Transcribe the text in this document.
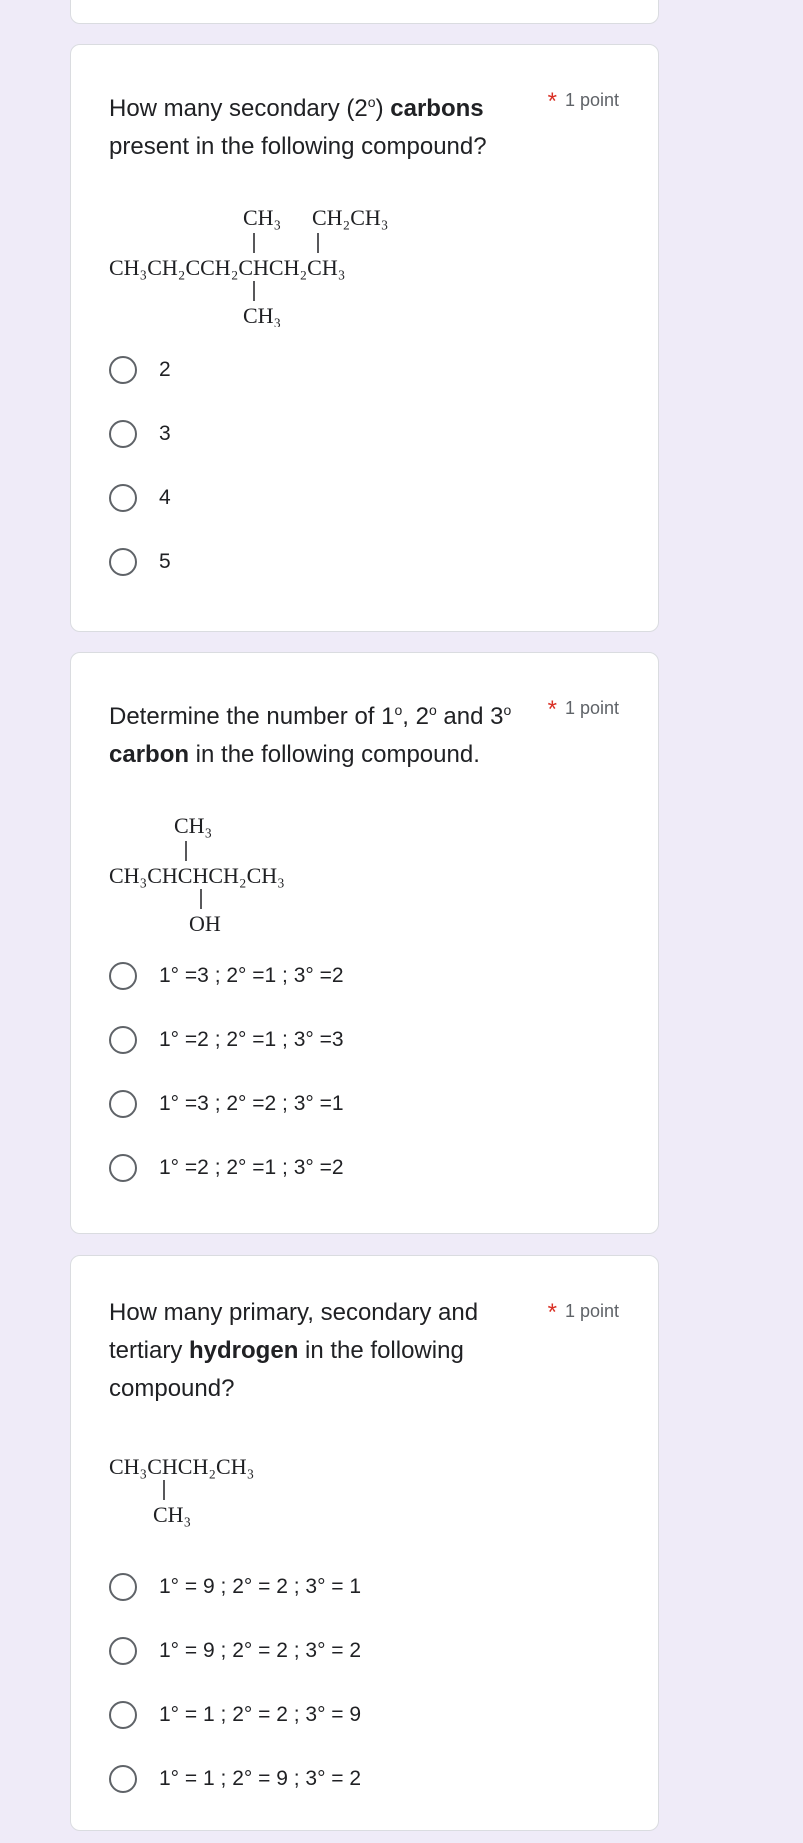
How many secondary (2$^o$) carbons present in the following compound?
* 1 point
CH₃ CH₂CH₃
CH₃CH₂CCH₂CHCH₂CH₃
CH₃
2
3
4
5
Determine the number of 1$^o$, 2$^o$ and 3$^o$ carbon in the following compound.
* 1 point
CH₃
CH₃CHCHCH₂CH₃
OH
1° =3 ; 2° =1 ; 3° =2
1° =2 ; 2° =1 ; 3° =3
1° =3 ; 2° =2 ; 3° =1
1° =2 ; 2° =1 ; 3° =2
How many primary, secondary and tertiary hydrogen in the following compound?
* 1 point
CH₃CHCH₂CH₃
CH₃
1° = 9 ; 2° = 2 ; 3° = 1
1° = 9 ; 2° = 2 ; 3° = 2
1° = 1 ; 2° = 2 ; 3° = 9
1° = 1 ; 2° = 9 ; 3° = 2
